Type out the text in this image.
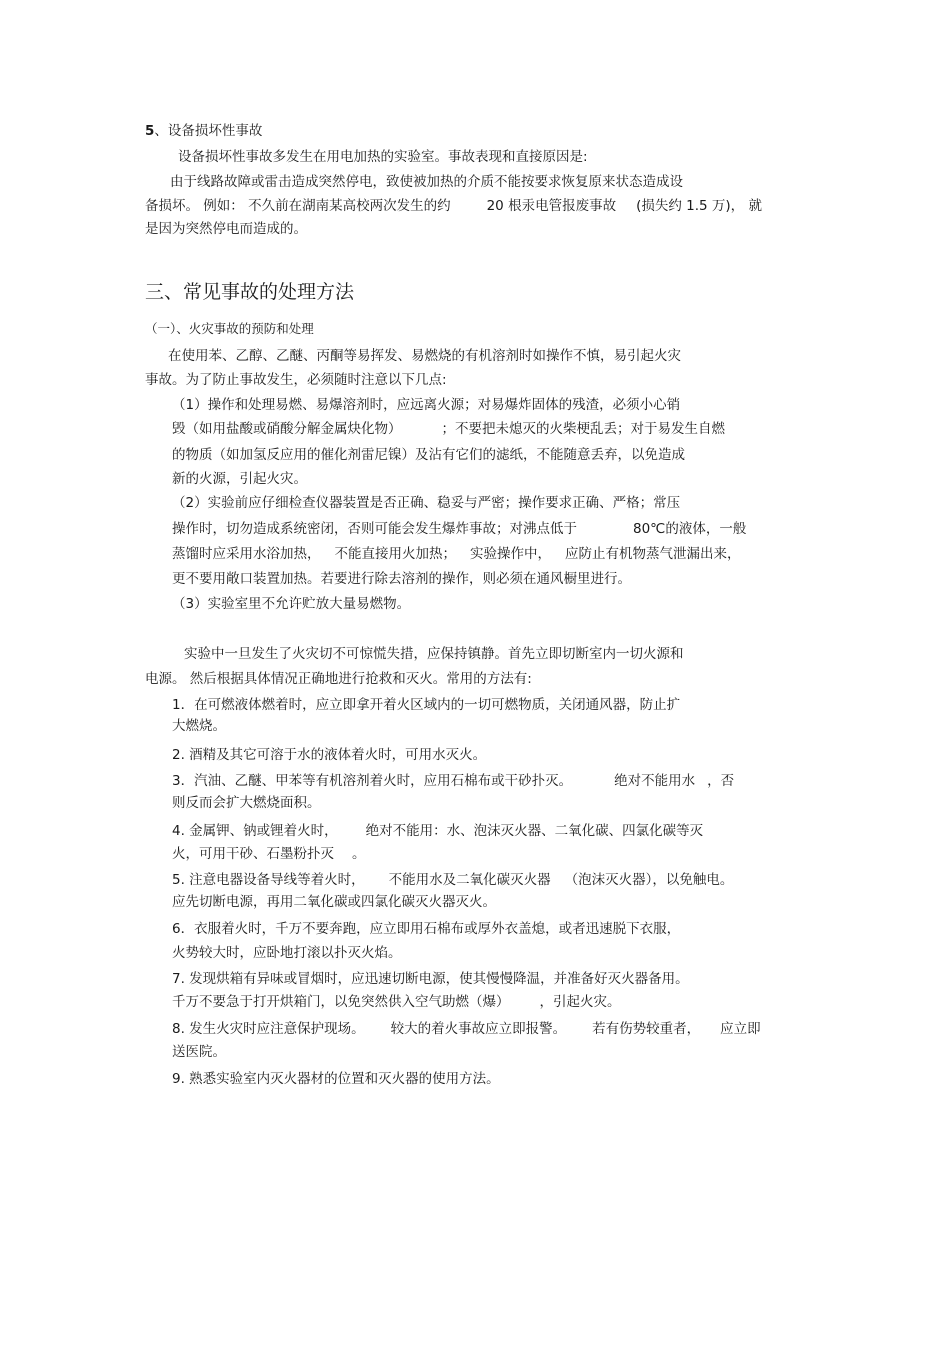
5、设备损坏性事故
设备损坏性事故多发生在用电加热的实验室。事故表现和直接原因是:
由于线路故障或雷击造成突然停电，致使被加热的介质不能按要求恢复原来状态造成设
备损坏。 例如： 不久前在湖南某高校两次发生的约	20 根汞电管报废事故 (损失约 1.5 万)， 就
是因为突然停电而造成的。
三、常见事故的处理方法
（一）、火灾事故的预防和处理
在使用苯、乙醇、乙醚、丙酮等易挥发、易燃烧的有机溶剂时如操作不慎，易引起火灾
事故。为了防止事故发生，必须随时注意以下几点:
（1）操作和处理易燃、易爆溶剂时，应远离火源；对易爆炸固体的残渣，必须小心销
毁（如用盐酸或硝酸分解金属炔化物）	；不要把未熄灭的火柴梗乱丢；对于易发生自燃
的物质（如加氢反应用的催化剂雷尼镍）及沾有它们的滤纸，不能随意丢弃，以免造成
新的火源，引起火灾。
（2）实验前应仔细检查仪器装置是否正确、稳妥与严密；操作要求正确、严格；常压
操作时，切勿造成系统密闭，否则可能会发生爆炸事故；对沸点低于	80℃的液体，一般
蒸馏时应采用水浴加热， 不能直接用火加热； 实验操作中， 应防止有机物蒸气泄漏出来，
更不要用敞口装置加热。若要进行除去溶剂的操作，则必须在通风橱里进行。
（3）实验室里不允许贮放大量易燃物。
实验中一旦发生了火灾切不可惊慌失措，应保持镇静。首先立即切断室内一切火源和
电源。 然后根据具体情况正确地进行抢救和灭火。常用的方法有:
1．在可燃液体燃着时，应立即拿开着火区域内的一切可燃物质，关闭通风器，防止扩
大燃烧。
2. 酒精及其它可溶于水的液体着火时，可用水灭火。
3．汽油、乙醚、甲苯等有机溶剂着火时，应用石棉布或干砂扑灭。	绝对不能用水 ，否
则反而会扩大燃烧面积。
4. 金属钾、钠或锂着火时， 绝对不能用：水、泡沫灭火器、二氧化碳、四氯化碳等灭
火，可用干砂、石墨粉扑灭 。
5. 注意电器设备导线等着火时， 不能用水及二氧化碳灭火器 （泡沫灭火器），以免触电。
应先切断电源，再用二氧化碳或四氯化碳灭火器灭火。
6．衣服着火时，千万不要奔跑，应立即用石棉布或厚外衣盖熄，或者迅速脱下衣服，
火势较大时，应卧地打滚以扑灭火焰。
7. 发现烘箱有异味或冒烟时，应迅速切断电源，使其慢慢降温，并准备好灭火器备用。
千万不要急于打开烘箱门，以免突然供入空气助燃（爆） ，引起火灾。
8. 发生火灾时应注意保护现场。 较大的着火事故应立即报警。 若有伤势较重者， 应立即
送医院。
9. 熟悉实验室内灭火器材的位置和灭火器的使用方法。
